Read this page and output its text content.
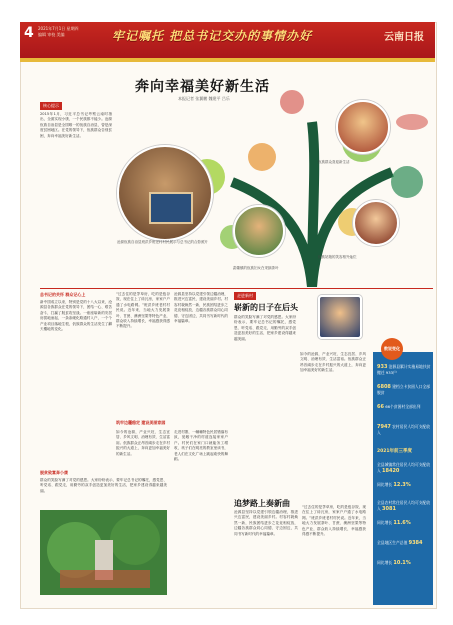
4 2021年7月1日 星期四
编辑 审校 美编	牢记嘱托 把总书记交办的事情办好	云南日报
奔向幸福美好新生活
本报记者 张翼鹏 魏建平 吕乐
核心提示
2015年1月，习近平总书记考察云南时指出，全面实现小康，一个民族都不能少。沧源佤族自治县是全国唯一的佤族自治县，曾是深度贫困地区。在党的领导下，佤族群众告别贫困，奔向幸福美好新生活。
沧源佤族自治县班洪乡班老村村民展示与总书记的合影照片
佤族群众喜迎新生活
勐董镇的佤族妇女在采摘茶叶
佤族姑娘的笑容格外灿烂
总书记的关怀 群众记心上
新中国成立以来，特别是党的十八大以来，沧源县各族群众在党的领导下，团结一心、艰苦奋斗，打赢了脱贫攻坚战。一座座崭新的安居房拔地而起，一条条硬化路通村入户，一个个产业项目落地生根，佤族群众的生活发生了翻天覆地的变化。
脱贫致富奔小康
群众的笑脸写满了对党的感恩。大家纷纷表示，要牢记总书记的嘱托，感党恩、听党话、跟党走，用勤劳的双手创造更加美好的生活，把家乡建设得越来越美丽。
“过去住的是茅草房，吃的是苞谷饭，现在住上了砖瓦房，家家户户通了水电路网。”班洪乡班老村村民说。近年来，当地大力发展茶叶、甘蔗、澳洲坚果等特色产业，群众收入持续增长，幸福感获得感不断提升。
沧源县坚持以党建引领边疆治理，推进兴边富民，建设美丽乡村。村容村貌焕然一新，民族团结进步之花竞相绽放，边疆各族群众同心同德、守边固边，共同书写新时代的幸福篇章。
筑牢边疆稳定 建设美丽家园
走进村寨，一幢幢特色民居错落有致，宽敞干净的村道连接家家户户。村民们在家门口就能务工增收，孩子们在明亮的教室里读书，老人们在文化广场上跳起欢快的舞蹈。
如今的沧源，产业兴旺、生态宜居、乡风文明、治理有效、生活富裕。佤族群众正昂首阔步走在乡村振兴的大道上，奔向更加幸福美好的新生活。
走进新村
崭新的日子在后头
群众的笑脸写满了对党的感恩。大家纷纷表示，要牢记总书记的嘱托，感党恩、听党话、跟党走，用勤劳的双手创造更加美好的生活，把家乡建设得越来越美丽。
如今的沧源，产业兴旺、生态宜居、乡风文明、治理有效、生活富裕。佤族群众正昂首阔步走在乡村振兴的大道上，奔向更加幸福美好的新生活。
追梦路上奏新曲
沧源县坚持以党建引领边疆治理，推进兴边富民，建设美丽乡村。村容村貌焕然一新，民族团结进步之花竞相绽放，边疆各族群众同心同德、守边固边，共同书写新时代的幸福篇章。
“过去住的是茅草房，吃的是苞谷饭，现在住上了砖瓦房，家家户户通了水电路网。”班洪乡班老村村民说。近年来，当地大力发展茶叶、甘蔗、澳洲坚果等特色产业，群众收入持续增长，幸福感获得感不断提升。
933 沧源县累计实施易地扶贫搬迁 933户
6808 建档立卡贫困人口全部脱贫
66 66个贫困村全部出列
7947 农村居民人均可支配收入
2021年前三季度
全县城镇常住居民人均可支配收入 18420
同比增长 12.3%
全县农村常住居民人均可支配收入 3081
同比增长 11.6%
全县地区生产总值 9384
同比增长 10.1%
数说变化
